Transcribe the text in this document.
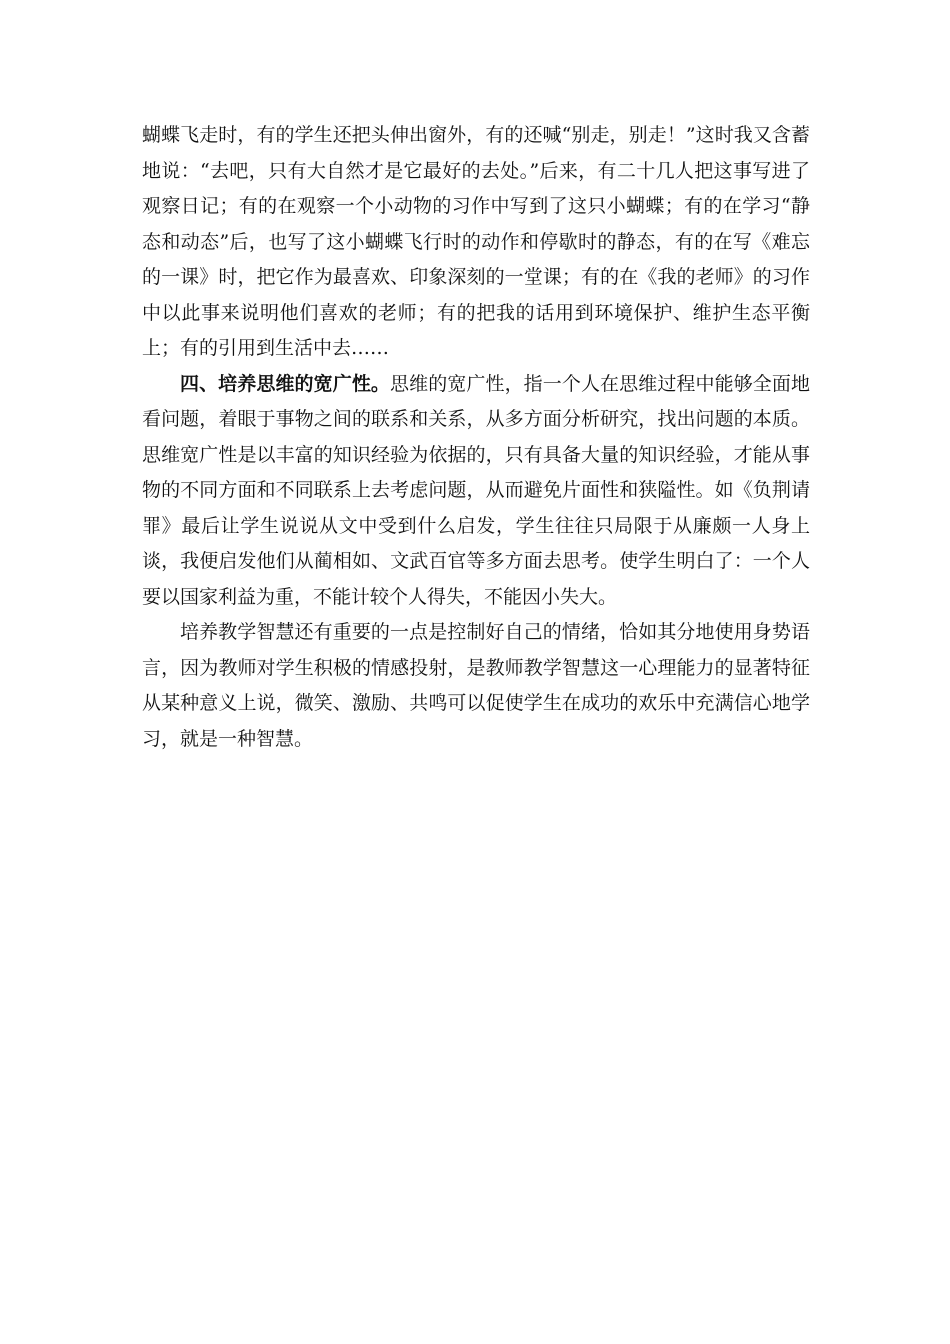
蝴蝶飞走时，有的学生还把头伸出窗外，有的还喊“别走，别走！”这时我又含蓄地说：“去吧，只有大自然才是它最好的去处。”后来，有二十几人把这事写进了观察日记；有的在观察一个小动物的习作中写到了这只小蝴蝶；有的在学习“静态和动态”后，也写了这小蝴蝶飞行时的动作和停歇时的静态，有的在写《难忘的一课》时，把它作为最喜欢、印象深刻的一堂课；有的在《我的老师》的习作中以此事来说明他们喜欢的老师；有的把我的话用到环境保护、维护生态平衡上；有的引用到生活中去……

四、培养思维的宽广性。思维的宽广性，指一个人在思维过程中能够全面地看问题，着眼于事物之间的联系和关系，从多方面分析研究，找出问题的本质。思维宽广性是以丰富的知识经验为依据的，只有具备大量的知识经验，才能从事物的不同方面和不同联系上去考虑问题，从而避免片面性和狭隘性。如《负荆请罪》最后让学生说说从文中受到什么启发，学生往往只局限于从廉颇一人身上谈，我便启发他们从蔺相如、文武百官等多方面去思考。使学生明白了：一个人要以国家利益为重，不能计较个人得失，不能因小失大。

培养教学智慧还有重要的一点是控制好自己的情绪，恰如其分地使用身势语言，因为教师对学生积极的情感投射，是教师教学智慧这一心理能力的显著特征从某种意义上说，微笑、激励、共鸣可以促使学生在成功的欢乐中充满信心地学习，就是一种智慧。
